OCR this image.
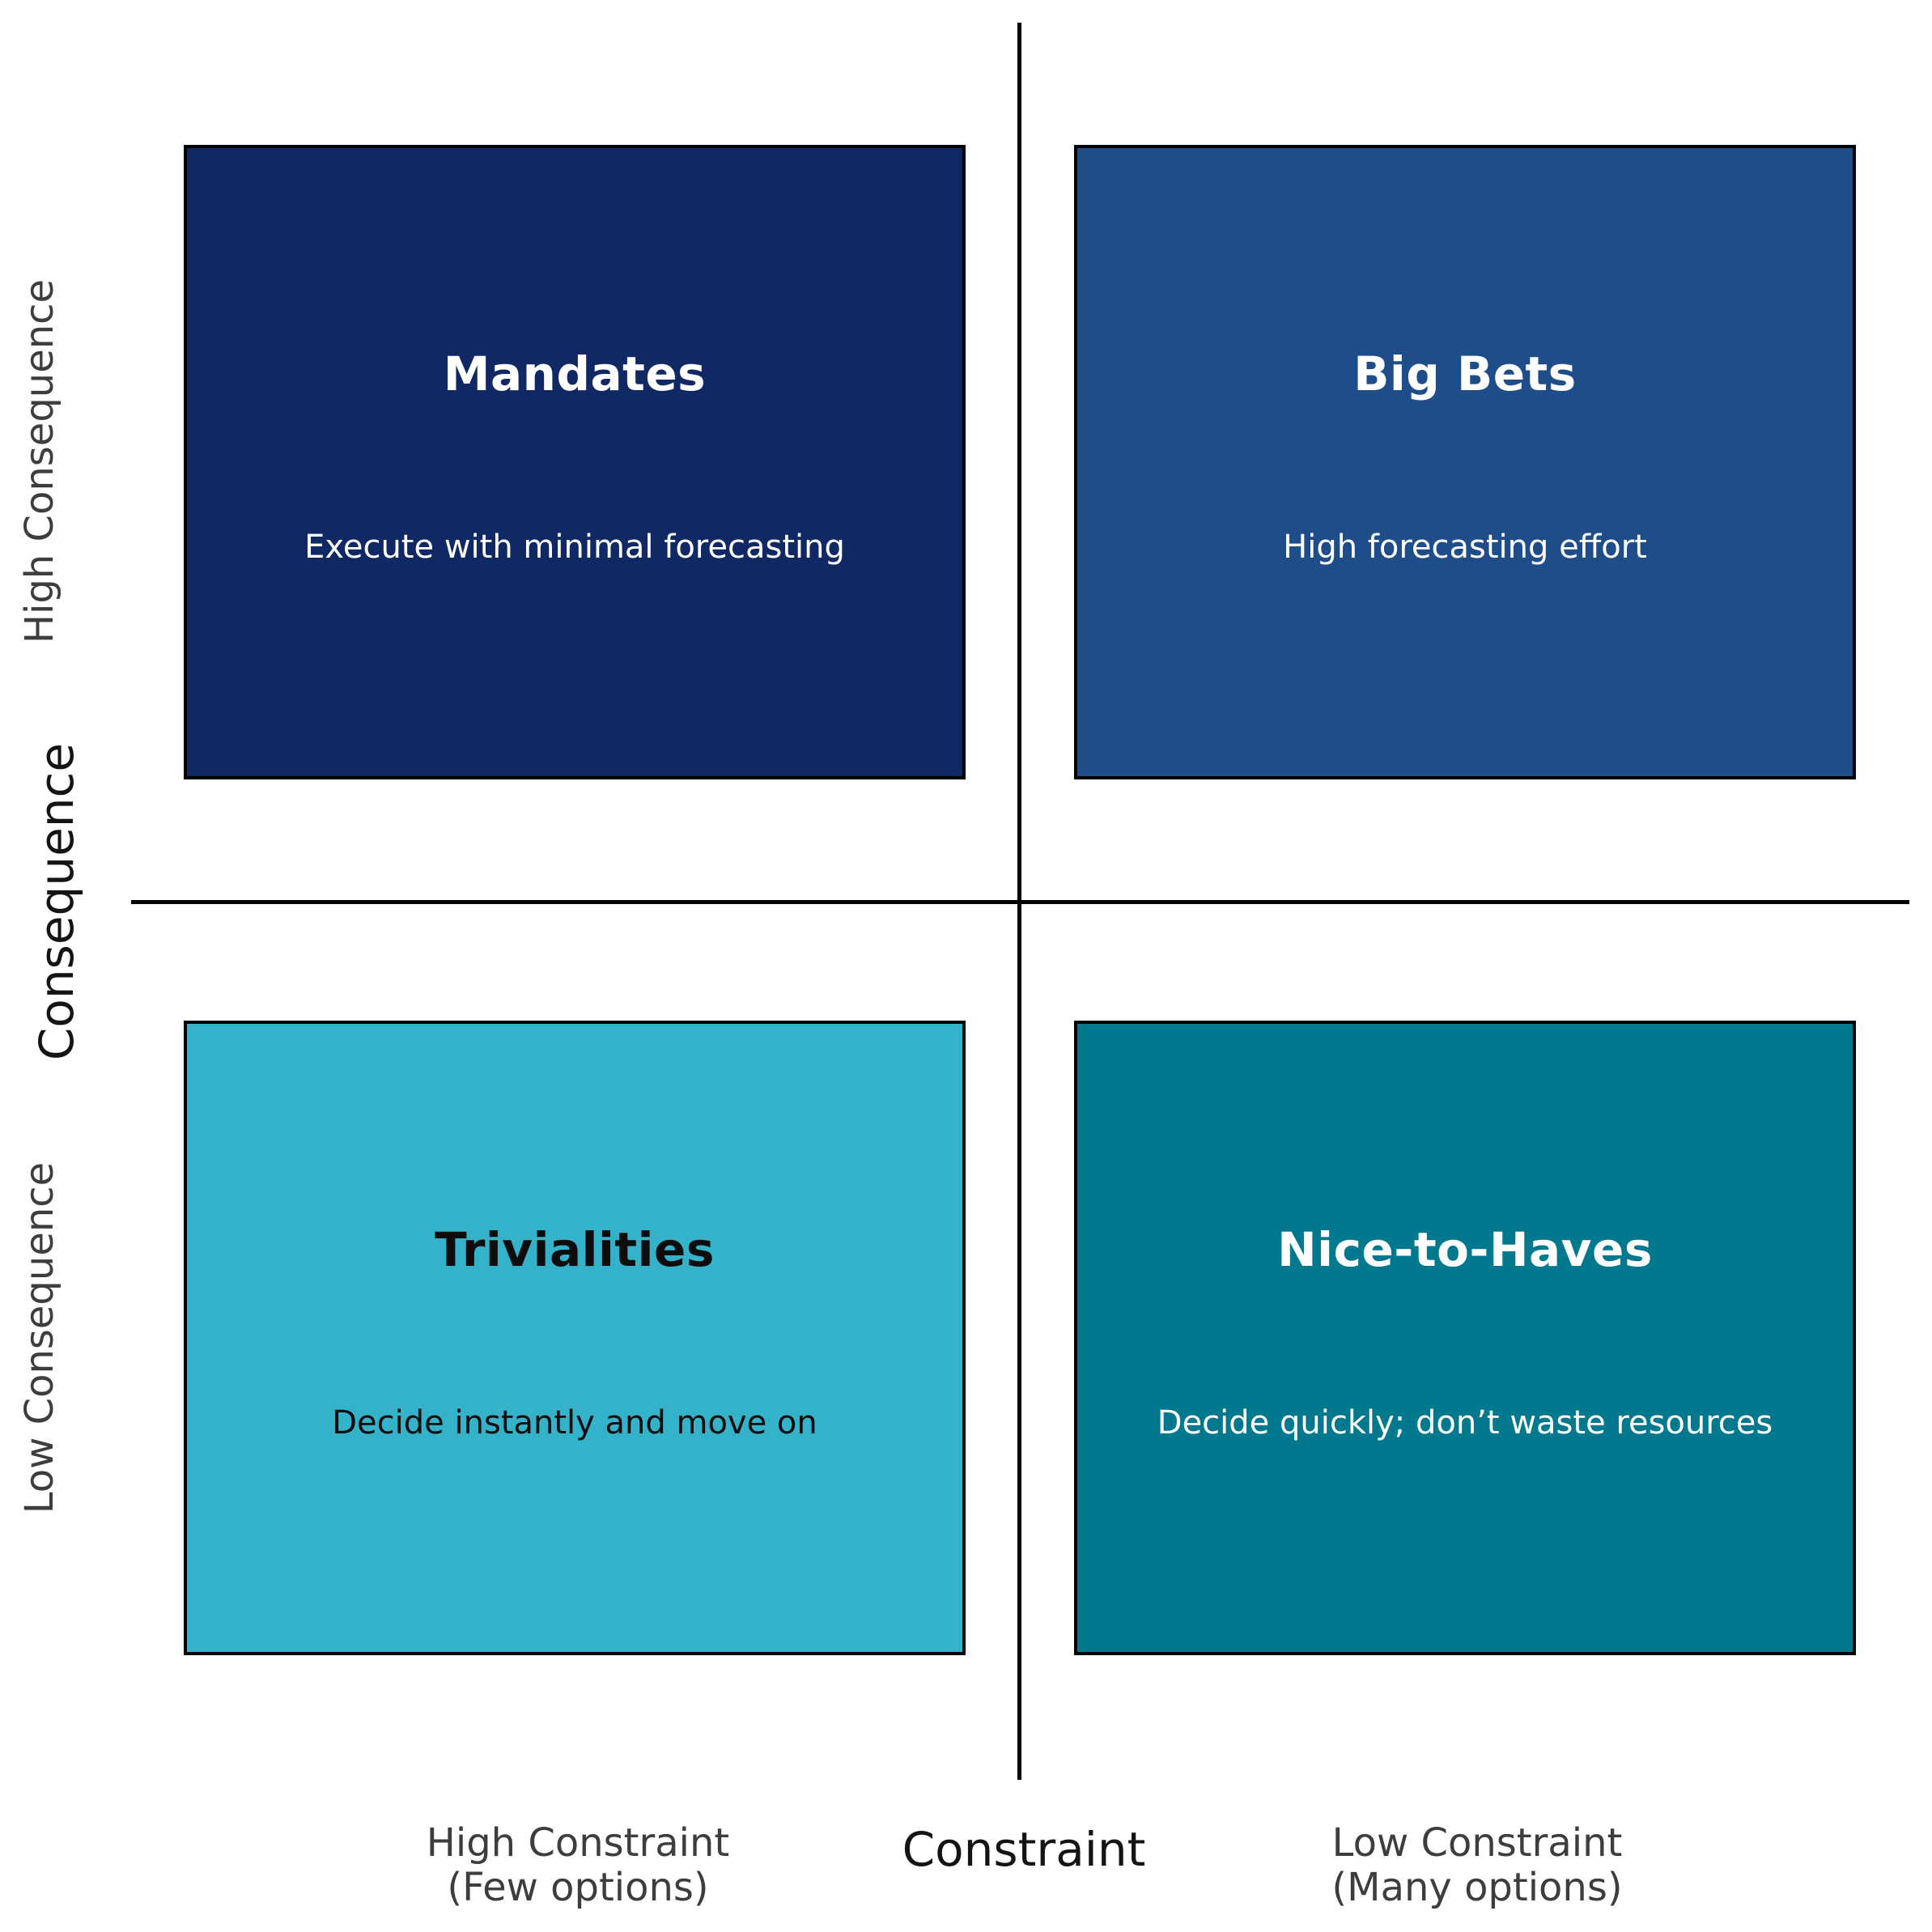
Mandates
Execute with minimal forecasting
Big Bets
High forecasting effort
Trivialities
Decide instantly and move on
Nice-to-Haves
Decide quickly; don’t waste resources
High Consequence
Consequence
Low Consequence
High Constraint
(Few options)
Constraint	Low Constraint
(Many options)
